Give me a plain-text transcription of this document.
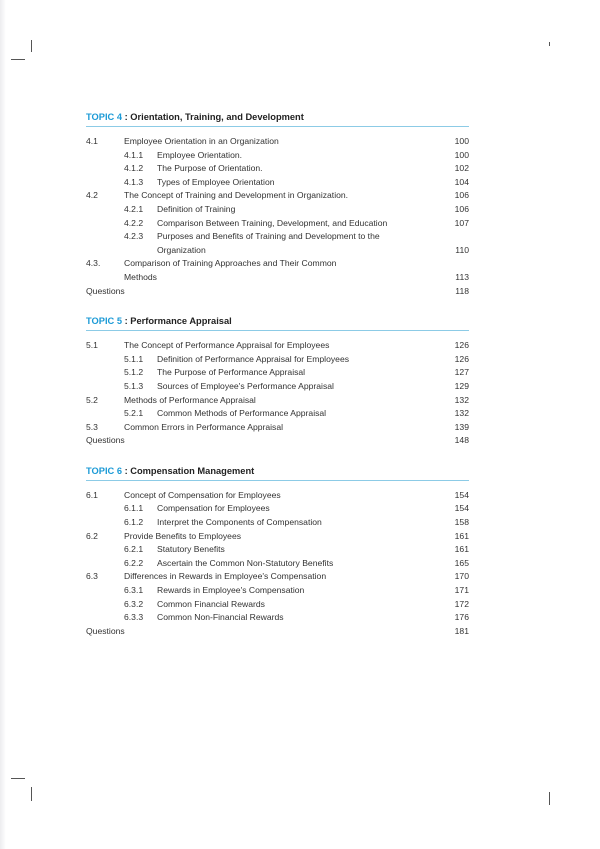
TOPIC 4 : Orientation, Training, and Development
4.1	Employee Orientation in an Organization	100
4.1.1 Employee Orientation.	100
4.1.2 The Purpose of Orientation.	102
4.1.3 Types of Employee Orientation	104
4.2	The Concept of Training and Development in Organization.	106
4.2.1 Definition of Training	106
4.2.2 Comparison Between Training, Development, and Education	107
4.2.3 Purposes and Benefits of Training and Development to the
Organization	110
4.3.	Comparison of Training Approaches and Their Common
Methods	113
Questions	118
TOPIC 5 : Performance Appraisal
5.1	The Concept of Performance Appraisal for Employees	126
5.1.1 Definition of Performance Appraisal for Employees	126
5.1.2 The Purpose of Performance Appraisal	127
5.1.3 Sources of Employee's Performance Appraisal	129
5.2	Methods of Performance Appraisal	132
5.2.1 Common Methods of Performance Appraisal	132
5.3	Common Errors in Performance Appraisal	139
Questions	148
TOPIC 6 : Compensation Management
6.1	Concept of Compensation for Employees	154
6.1.1 Compensation for Employees	154
6.1.2 Interpret the Components of Compensation	158
6.2	Provide Benefits to Employees	161
6.2.1 Statutory Benefits	161
6.2.2 Ascertain the Common Non-Statutory Benefits	165
6.3	Differences in Rewards in Employee's Compensation	170
6.3.1 Rewards in Employee's Compensation	171
6.3.2 Common Financial Rewards	172
6.3.3 Common Non-Financial Rewards	176
Questions	181
